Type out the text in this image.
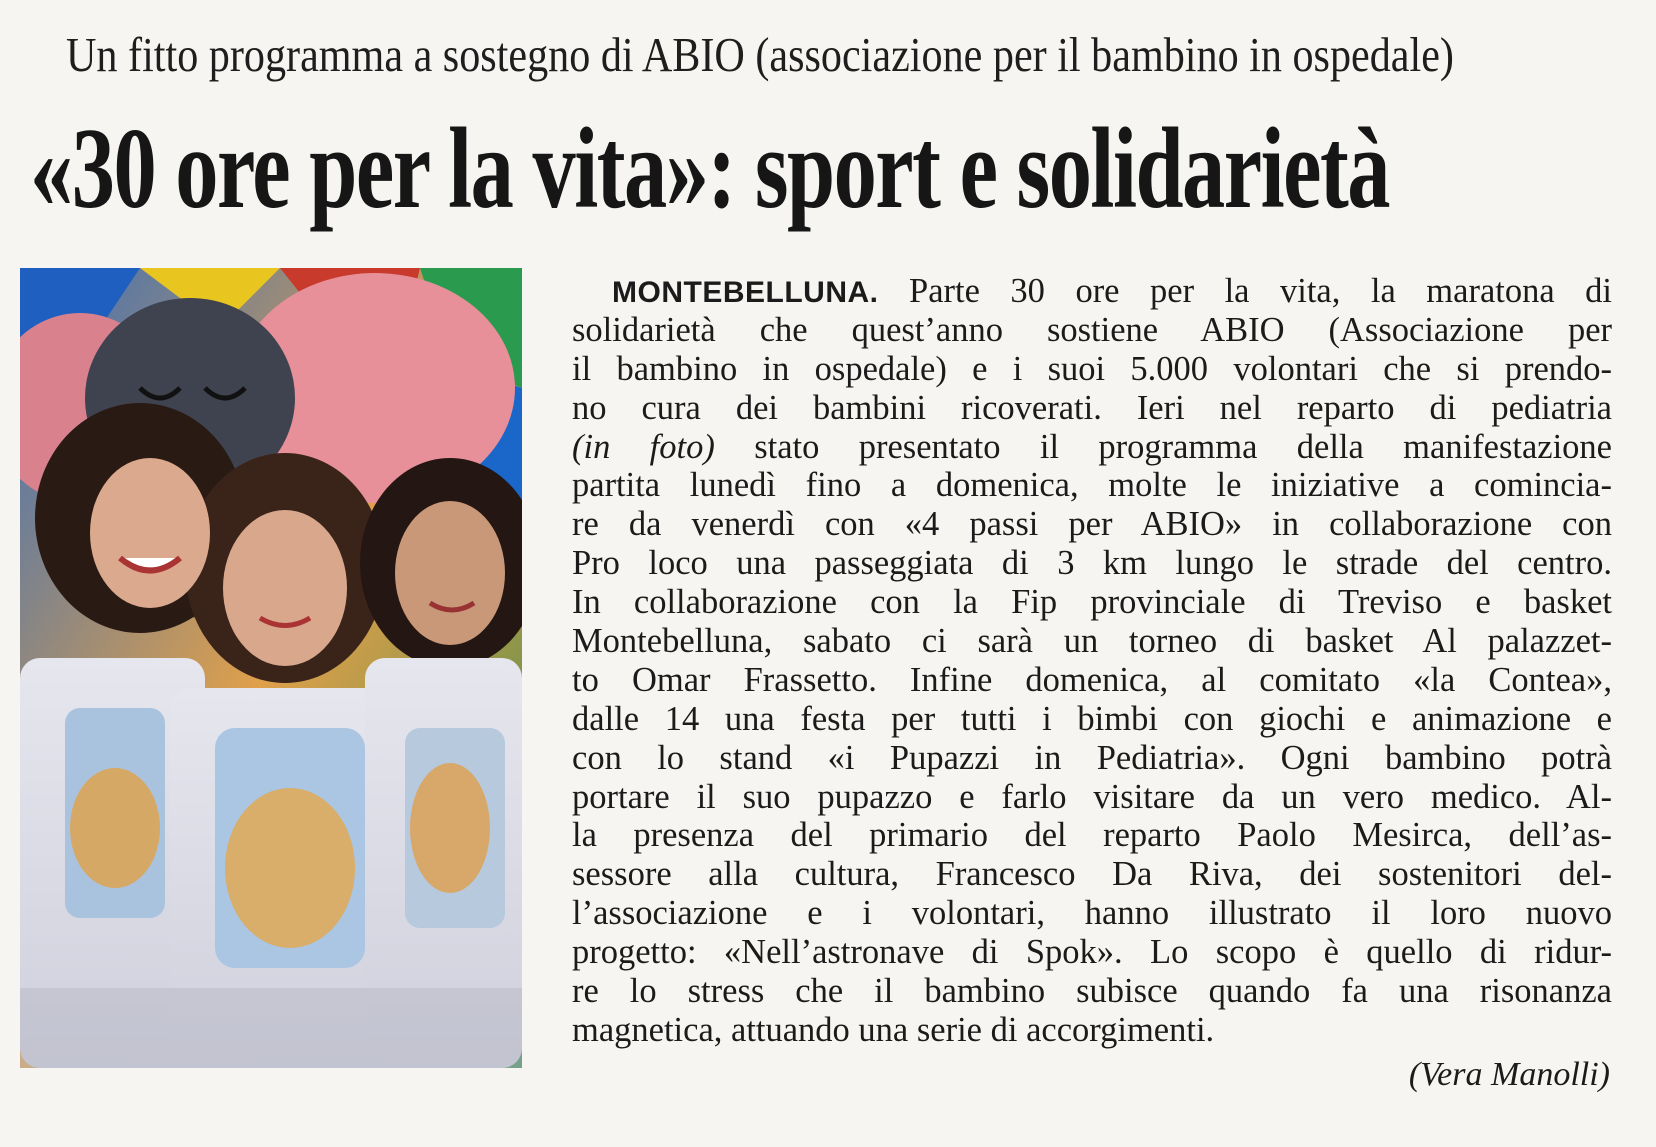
Un fitto programma a sostegno di ABIO (associazione per il bambino in ospedale)
«30 ore per la vita»: sport e solidarietà
MONTEBELLUNA. Parte 30 ore per la vita, la maratona di
solidarietà che quest’anno sostiene ABIO (Associazione per
il bambino in ospedale) e i suoi 5.000 volontari che si prendo-
no cura dei bambini ricoverati. Ieri nel reparto di pediatria
(in foto) stato presentato il programma della manifestazione
partita lunedì fino a domenica, molte le iniziative a comincia-
re da venerdì con «4 passi per ABIO» in collaborazione con
Pro loco una passeggiata di 3 km lungo le strade del centro.
In collaborazione con la Fip provinciale di Treviso e basket
Montebelluna, sabato ci sarà un torneo di basket Al palazzet-
to Omar Frassetto. Infine domenica, al comitato «la Contea»,
dalle 14 una festa per tutti i bimbi con giochi e animazione e
con lo stand «i Pupazzi in Pediatria». Ogni bambino potrà
portare il suo pupazzo e farlo visitare da un vero medico. Al-
la presenza del primario del reparto Paolo Mesirca, dell’as-
sessore alla cultura, Francesco Da Riva, dei sostenitori del-
l’associazione e i volontari, hanno illustrato il loro nuovo
progetto: «Nell’astronave di Spok». Lo scopo è quello di ridur-
re lo stress che il bambino subisce quando fa una risonanza
magnetica, attuando una serie di accorgimenti.
(Vera Manolli)
